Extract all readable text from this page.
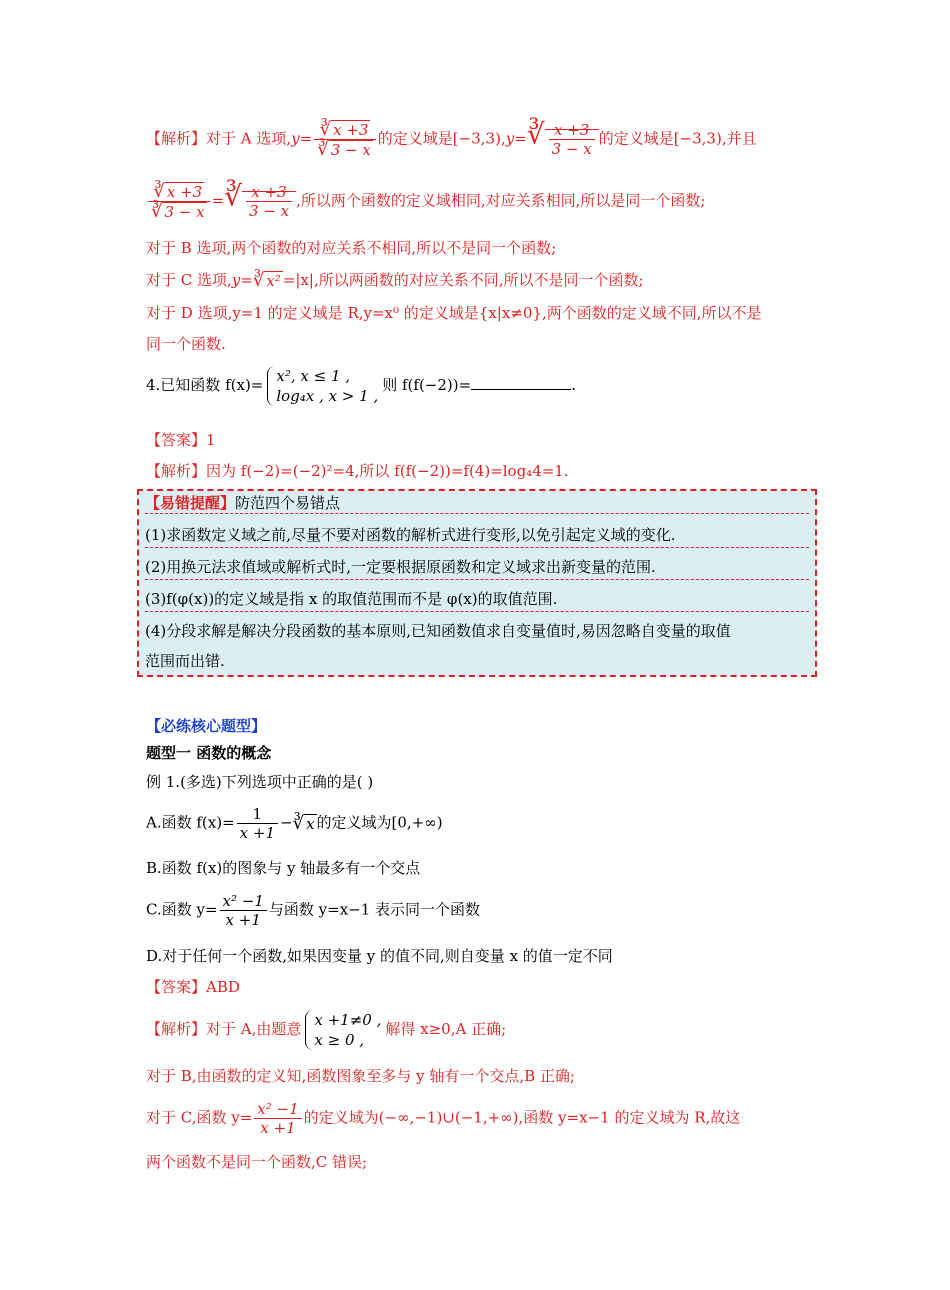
【解析】对于 A 选项$,y= \frac{∛ x +3}{∛ 3 - x}$ 的定义域是[−3,3),y=∛ $\frac{x +3}{3 - x}$ 的定义域是[−3,3),并且
$\frac{∛ x +3}{∛ 3 - x}$ =∛ $\frac{x +3}{3 - x}$ ,所以两个函数的定义域相同,对应关系相同,所以是同一个函数;
对于 B 选项,两个函数的对应关系不相同,所以不是同一个函数;
对于 C 选项,y=∛ x² =|x|,所以两函数的对应关系不同,所以不是同一个函数;
对于 D 选项,y=1 的定义域是 R,y=x⁰ 的定义域是{x|x≠0},两个函数的定义域不同,所以不是
同一个函数.
4.已知函数 f(x)= x², x ≤ 1 ,
log₄x , x > 1 ,
则 f(f(−2))=	.
【答案】1
【解析】因为 f(−2)=(−2)²=4,所以 f(f(−2))=f(4)=log₄4=1.
【易错提醒】防范四个易错点
(1)求函数定义域之前,尽量不要对函数的解析式进行变形,以免引起定义域的变化.
(2)用换元法求值域或解析式时,一定要根据原函数和定义域求出新变量的范围.
(3)f(φ(x))的定义域是指 x 的取值范围而不是 φ(x)的取值范围.
(4)分段求解是解决分段函数的基本原则,已知函数值求自变量值时,易因忽略自变量的取值
范围而出错.
【必练核心题型】
题型一 函数的概念
例 1.(多选)下列选项中正确的是( )
A.函数 $f(x)= \frac{1}{x +1}$ −∛ x 的定义域为[0,+∞)
B.函数 f(x)的图象与 y 轴最多有一个交点
C.函数 $y= \frac{\text{x² −1}}{x +1}$ 与函数 y=x−1 表示同一个函数
D.对于任何一个函数,如果因变量 y 的值不同,则自变量 x 的值一定不同
【答案】ABD
【解析】对于 A,由题意 x +1≠0 ,
x ≥ 0 ,
解得 x≥0,A 正确;
对于 B,由函数的定义知,函数图象至多与 y 轴有一个交点,B 正确;
对于 C,函数 $y= \frac{\text{x² −1}}{x +1}$ 的定义域为(−∞,−1)∪(−1,+∞),函数 y=x−1 的定义域为 R,故这
两个函数不是同一个函数,C 错误;
